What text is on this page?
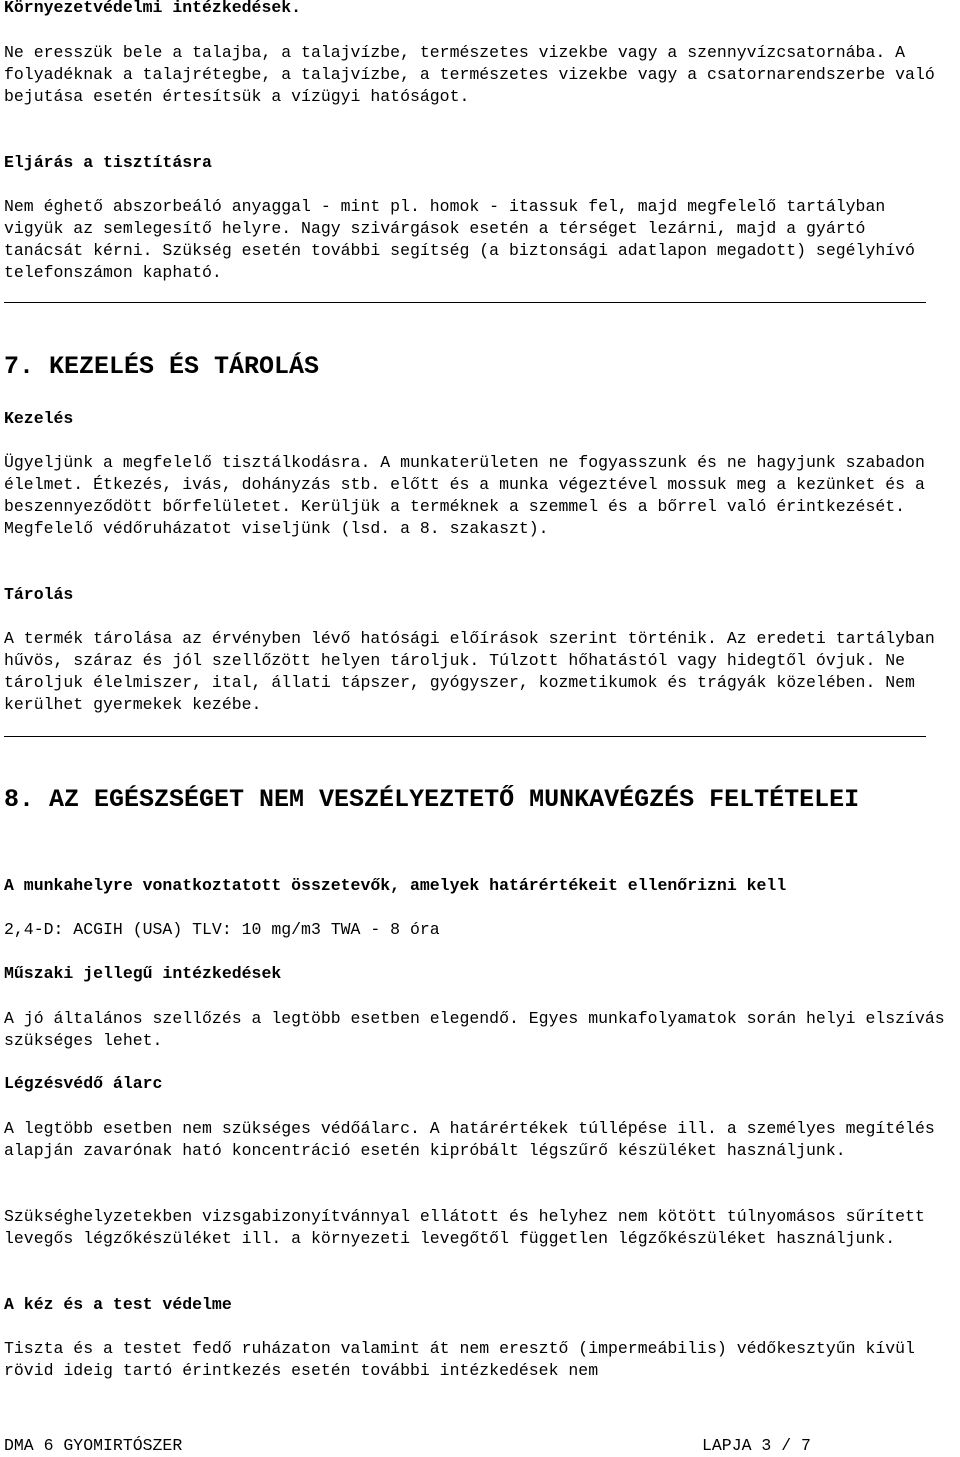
Környezetvédelmi intézkedések.

Ne eresszük bele a talajba, a talajvízbe, természetes vizekbe vagy a szennyvízcsatornába. A folyadéknak a talajrétegbe, a talajvízbe, a természetes vizekbe vagy a csatornarendszerbe való bejutása esetén értesítsük a vízügyi hatóságot.

Eljárás a tisztításra

Nem éghető abszorbeáló anyaggal - mint pl. homok - itassuk fel, majd megfelelő tartályban vigyük az semlegesítő helyre. Nagy szivárgások esetén a térséget lezárni, majd a gyártó tanácsát kérni. Szükség esetén további segítség (a biztonsági adatlapon megadott) segélyhívó telefonszámon kapható.

7. KEZELÉS ÉS TÁROLÁS

Kezelés

Ügyeljünk a megfelelő tisztálkodásra. A munkaterületen ne fogyasszunk és ne hagyjunk szabadon élelmet. Étkezés, ivás, dohányzás stb. előtt és a munka végeztével mossuk meg a kezünket és a beszennyeződött bőrfelületet. Kerüljük a terméknek a szemmel és a bőrrel való érintkezését. Megfelelő védőruházatot viseljünk (lsd. a 8. szakaszt).

Tárolás

A termék tárolása az érvényben lévő hatósági előírások szerint történik. Az eredeti tartályban hűvös, száraz és jól szellőzött helyen tároljuk. Túlzott hőhatástól vagy hidegtől óvjuk. Ne tároljuk élelmiszer, ital, állati tápszer, gyógyszer, kozmetikumok és trágyák közelében. Nem kerülhet gyermekek kezébe.

8. AZ EGÉSZSÉGET NEM VESZÉLYEZTETŐ MUNKAVÉGZÉS FELTÉTELEI

A munkahelyre vonatkoztatott összetevők, amelyek határértékeit ellenőrizni kell

2,4-D: ACGIH (USA) TLV: 10 mg/m3 TWA - 8 óra

Műszaki jellegű intézkedések

A jó általános szellőzés a legtöbb esetben elegendő. Egyes munkafolyamatok során helyi elszívás szükséges lehet.

Légzésvédő álarc

A legtöbb esetben nem szükséges védőálarc. A határértékek túllépése ill. a személyes megítélés alapján zavarónak ható koncentráció esetén kipróbált légszűrő készüléket használjunk.

Szükséghelyzetekben vizsgabizonyítvánnyal ellátott és helyhez nem kötött túlnyomásos sűrített levegős légzőkészüléket ill. a környezeti levegőtől független légzőkészüléket használjunk.

A kéz és a test védelme

Tiszta és a testet fedő ruházaton valamint át nem eresztő (impermeábilis) védőkesztyűn kívül rövid ideig tartó érintkezés esetén további intézkedések nem

DMA 6 GYOMIRTÓSZER	LAPJA 3 / 7
